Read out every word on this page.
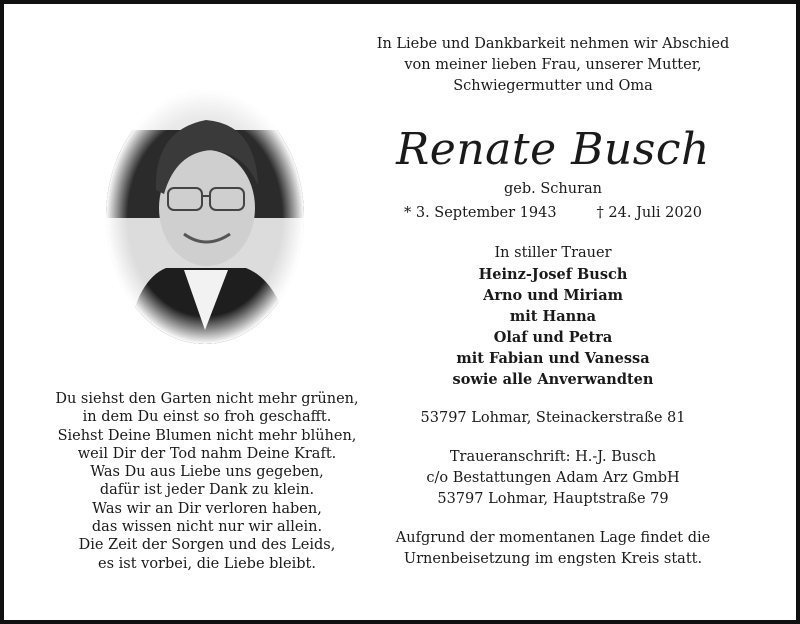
Du siehst den Garten nicht mehr grünen,
in dem Du einst so froh geschafft.
Siehst Deine Blumen nicht mehr blühen,
weil Dir der Tod nahm Deine Kraft.
Was Du aus Liebe uns gegeben,
dafür ist jeder Dank zu klein.
Was wir an Dir verloren haben,
das wissen nicht nur wir allein.
Die Zeit der Sorgen und des Leids,
es ist vorbei, die Liebe bleibt.
In Liebe und Dankbarkeit nehmen wir Abschied
von meiner lieben Frau, unserer Mutter,
Schwiegermutter und Oma
Renate Busch
geb. Schuran
* 3. September 1943	† 24. Juli 2020
In stiller Trauer
Heinz-Josef Busch
Arno und Miriam
mit Hanna
Olaf und Petra
mit Fabian und Vanessa
sowie alle Anverwandten
53797 Lohmar, Steinackerstraße 81
Traueranschrift: H.-J. Busch
c/o Bestattungen Adam Arz GmbH
53797 Lohmar, Hauptstraße 79
Aufgrund der momentanen Lage findet die
Urnenbeisetzung im engsten Kreis statt.
